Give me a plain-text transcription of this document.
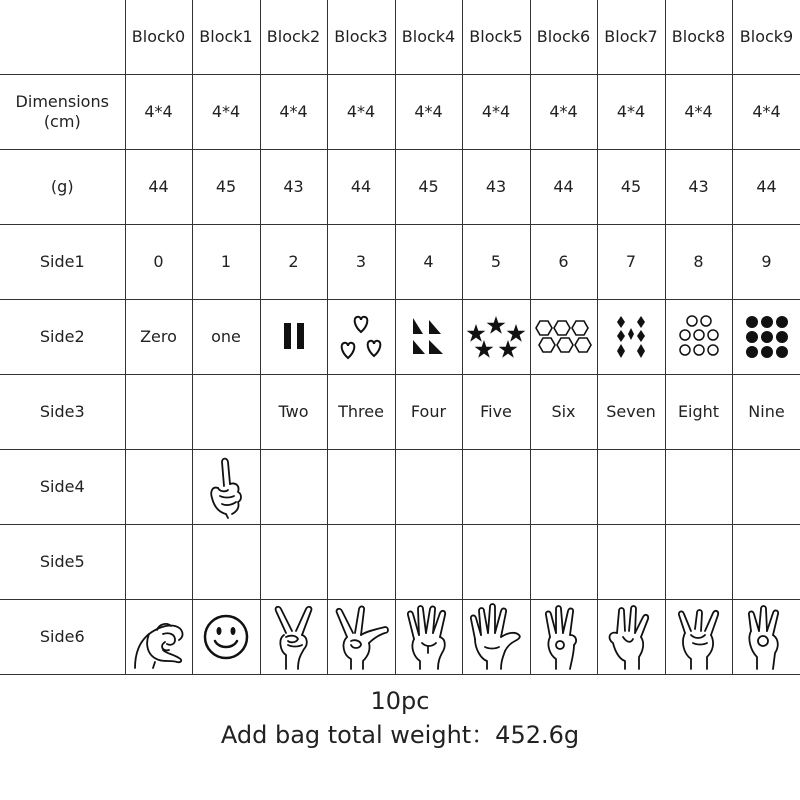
	Block0	Block1	Block2	Block3	Block4	Block5	Block6	Block7	Block8	Block9
Dimensions (cm)	4*4	4*4	4*4	4*4	4*4	4*4	4*4	4*4	4*4	4*4
(g)	44	45	43	44	45	43	44	45	43	44
Side1	0	1	2	3	4	5	6	7	8	9
Side2	Zero	one	

Side3			Two	Three	Four	Five	Six	Seven	Eight	Nine
Side4		

Side5										
Side6	

10pc
Add bag total weight：452.6g
